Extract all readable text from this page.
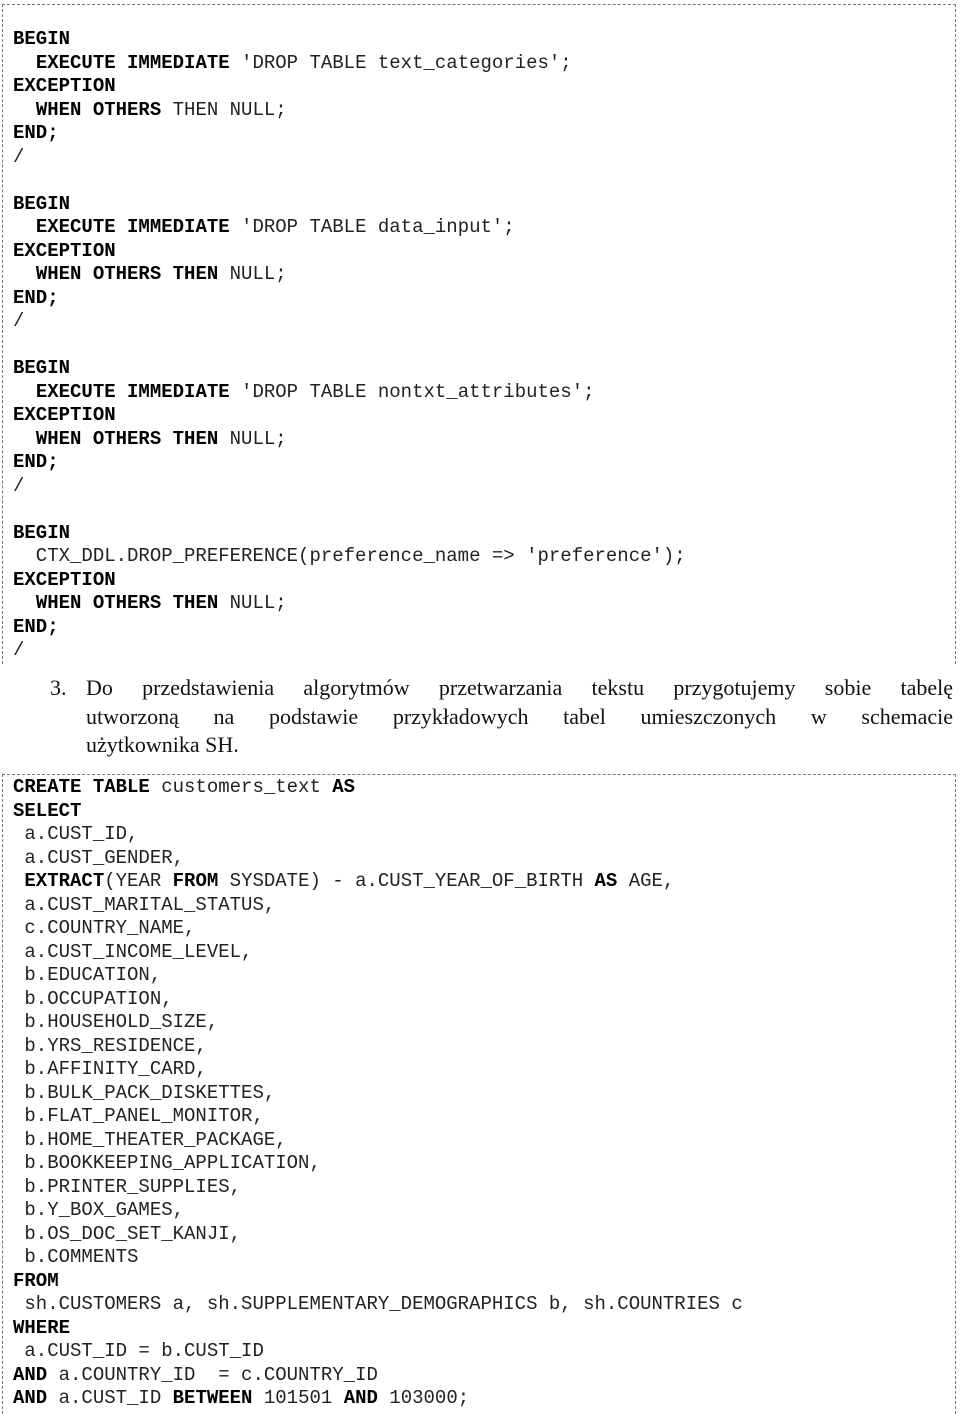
BEGIN
EXECUTE IMMEDIATE 'DROP TABLE text_categories';
EXCEPTION
WHEN OTHERS THEN NULL;
END;
/
BEGIN
EXECUTE IMMEDIATE 'DROP TABLE data_input';
EXCEPTION
WHEN OTHERS THEN NULL;
END;
/
BEGIN
EXECUTE IMMEDIATE 'DROP TABLE nontxt_attributes';
EXCEPTION
WHEN OTHERS THEN NULL;
END;
/
BEGIN
CTX_DDL.DROP_PREFERENCE(preference_name => 'preference');
EXCEPTION
WHEN OTHERS THEN NULL;
END;
/
3. Do przedstawienia algorytmów przetwarzania tekstu przygotujemy sobie tabelę
utworzoną na podstawie przykładowych tabel umieszczonych w schemacie
użytkownika SH.
CREATE TABLE customers_text AS
SELECT
a.CUST_ID,
a.CUST_GENDER,
EXTRACT(YEAR FROM SYSDATE) - a.CUST_YEAR_OF_BIRTH AS AGE,
a.CUST_MARITAL_STATUS,
c.COUNTRY_NAME,
a.CUST_INCOME_LEVEL,
b.EDUCATION,
b.OCCUPATION,
b.HOUSEHOLD_SIZE,
b.YRS_RESIDENCE,
b.AFFINITY_CARD,
b.BULK_PACK_DISKETTES,
b.FLAT_PANEL_MONITOR,
b.HOME_THEATER_PACKAGE,
b.BOOKKEEPING_APPLICATION,
b.PRINTER_SUPPLIES,
b.Y_BOX_GAMES,
b.OS_DOC_SET_KANJI,
b.COMMENTS
FROM
sh.CUSTOMERS a, sh.SUPPLEMENTARY_DEMOGRAPHICS b, sh.COUNTRIES c
WHERE
a.CUST_ID = b.CUST_ID
AND a.COUNTRY_ID  = c.COUNTRY_ID
AND a.CUST_ID BETWEEN 101501 AND 103000;
